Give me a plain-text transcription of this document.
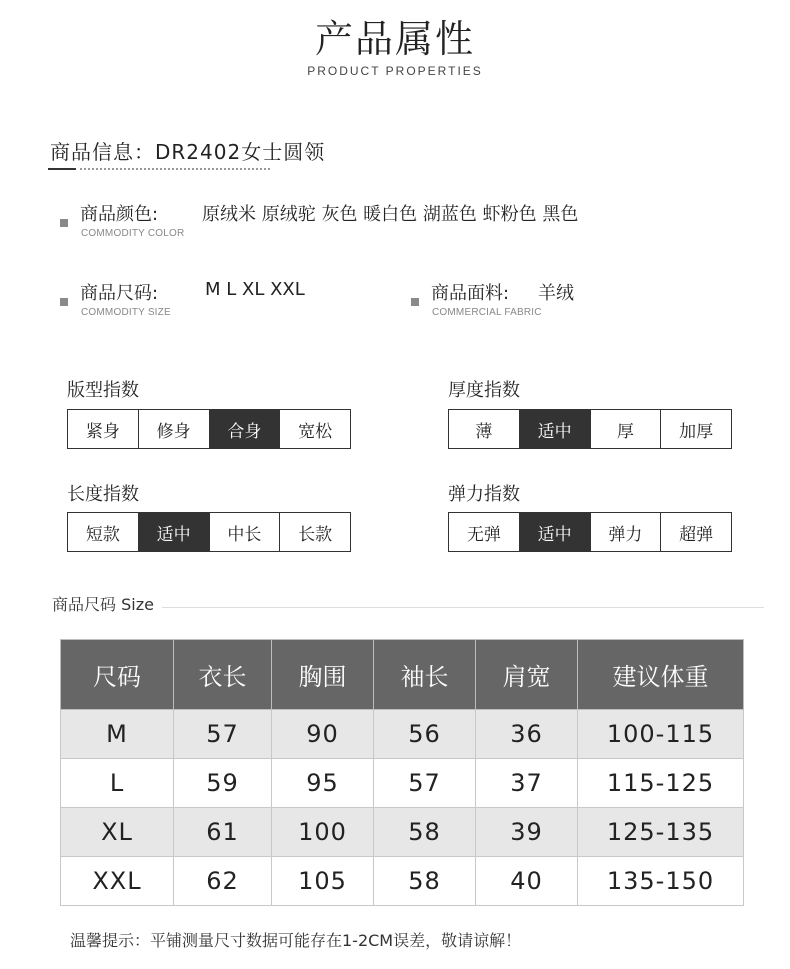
产品属性
PRODUCT PROPERTIES
商品信息：DR2402女士圆领
商品颜色:
COMMODITY COLOR
原绒米 原绒驼 灰色 暖白色 湖蓝色 虾粉色 黑色
商品尺码:
COMMODITY SIZE
M L XL XXL	商品面料:
COMMERCIAL FABRIC
羊绒
版型指数
紧身	修身	合身	宽松
厚度指数
薄	适中	厚	加厚
长度指数
短款	适中	中长	长款
弹力指数
无弹	适中	弹力	超弹
商品尺码 Size
尺码	衣长	胸围	袖长	肩宽	建议体重
M	57	90	56	36	100-115
L	59	95	57	37	115-125
XL	61	100	58	39	125-135
XXL	62	105	58	40	135-150
温馨提示：平铺测量尺寸数据可能存在1-2CM误差，敬请谅解！
